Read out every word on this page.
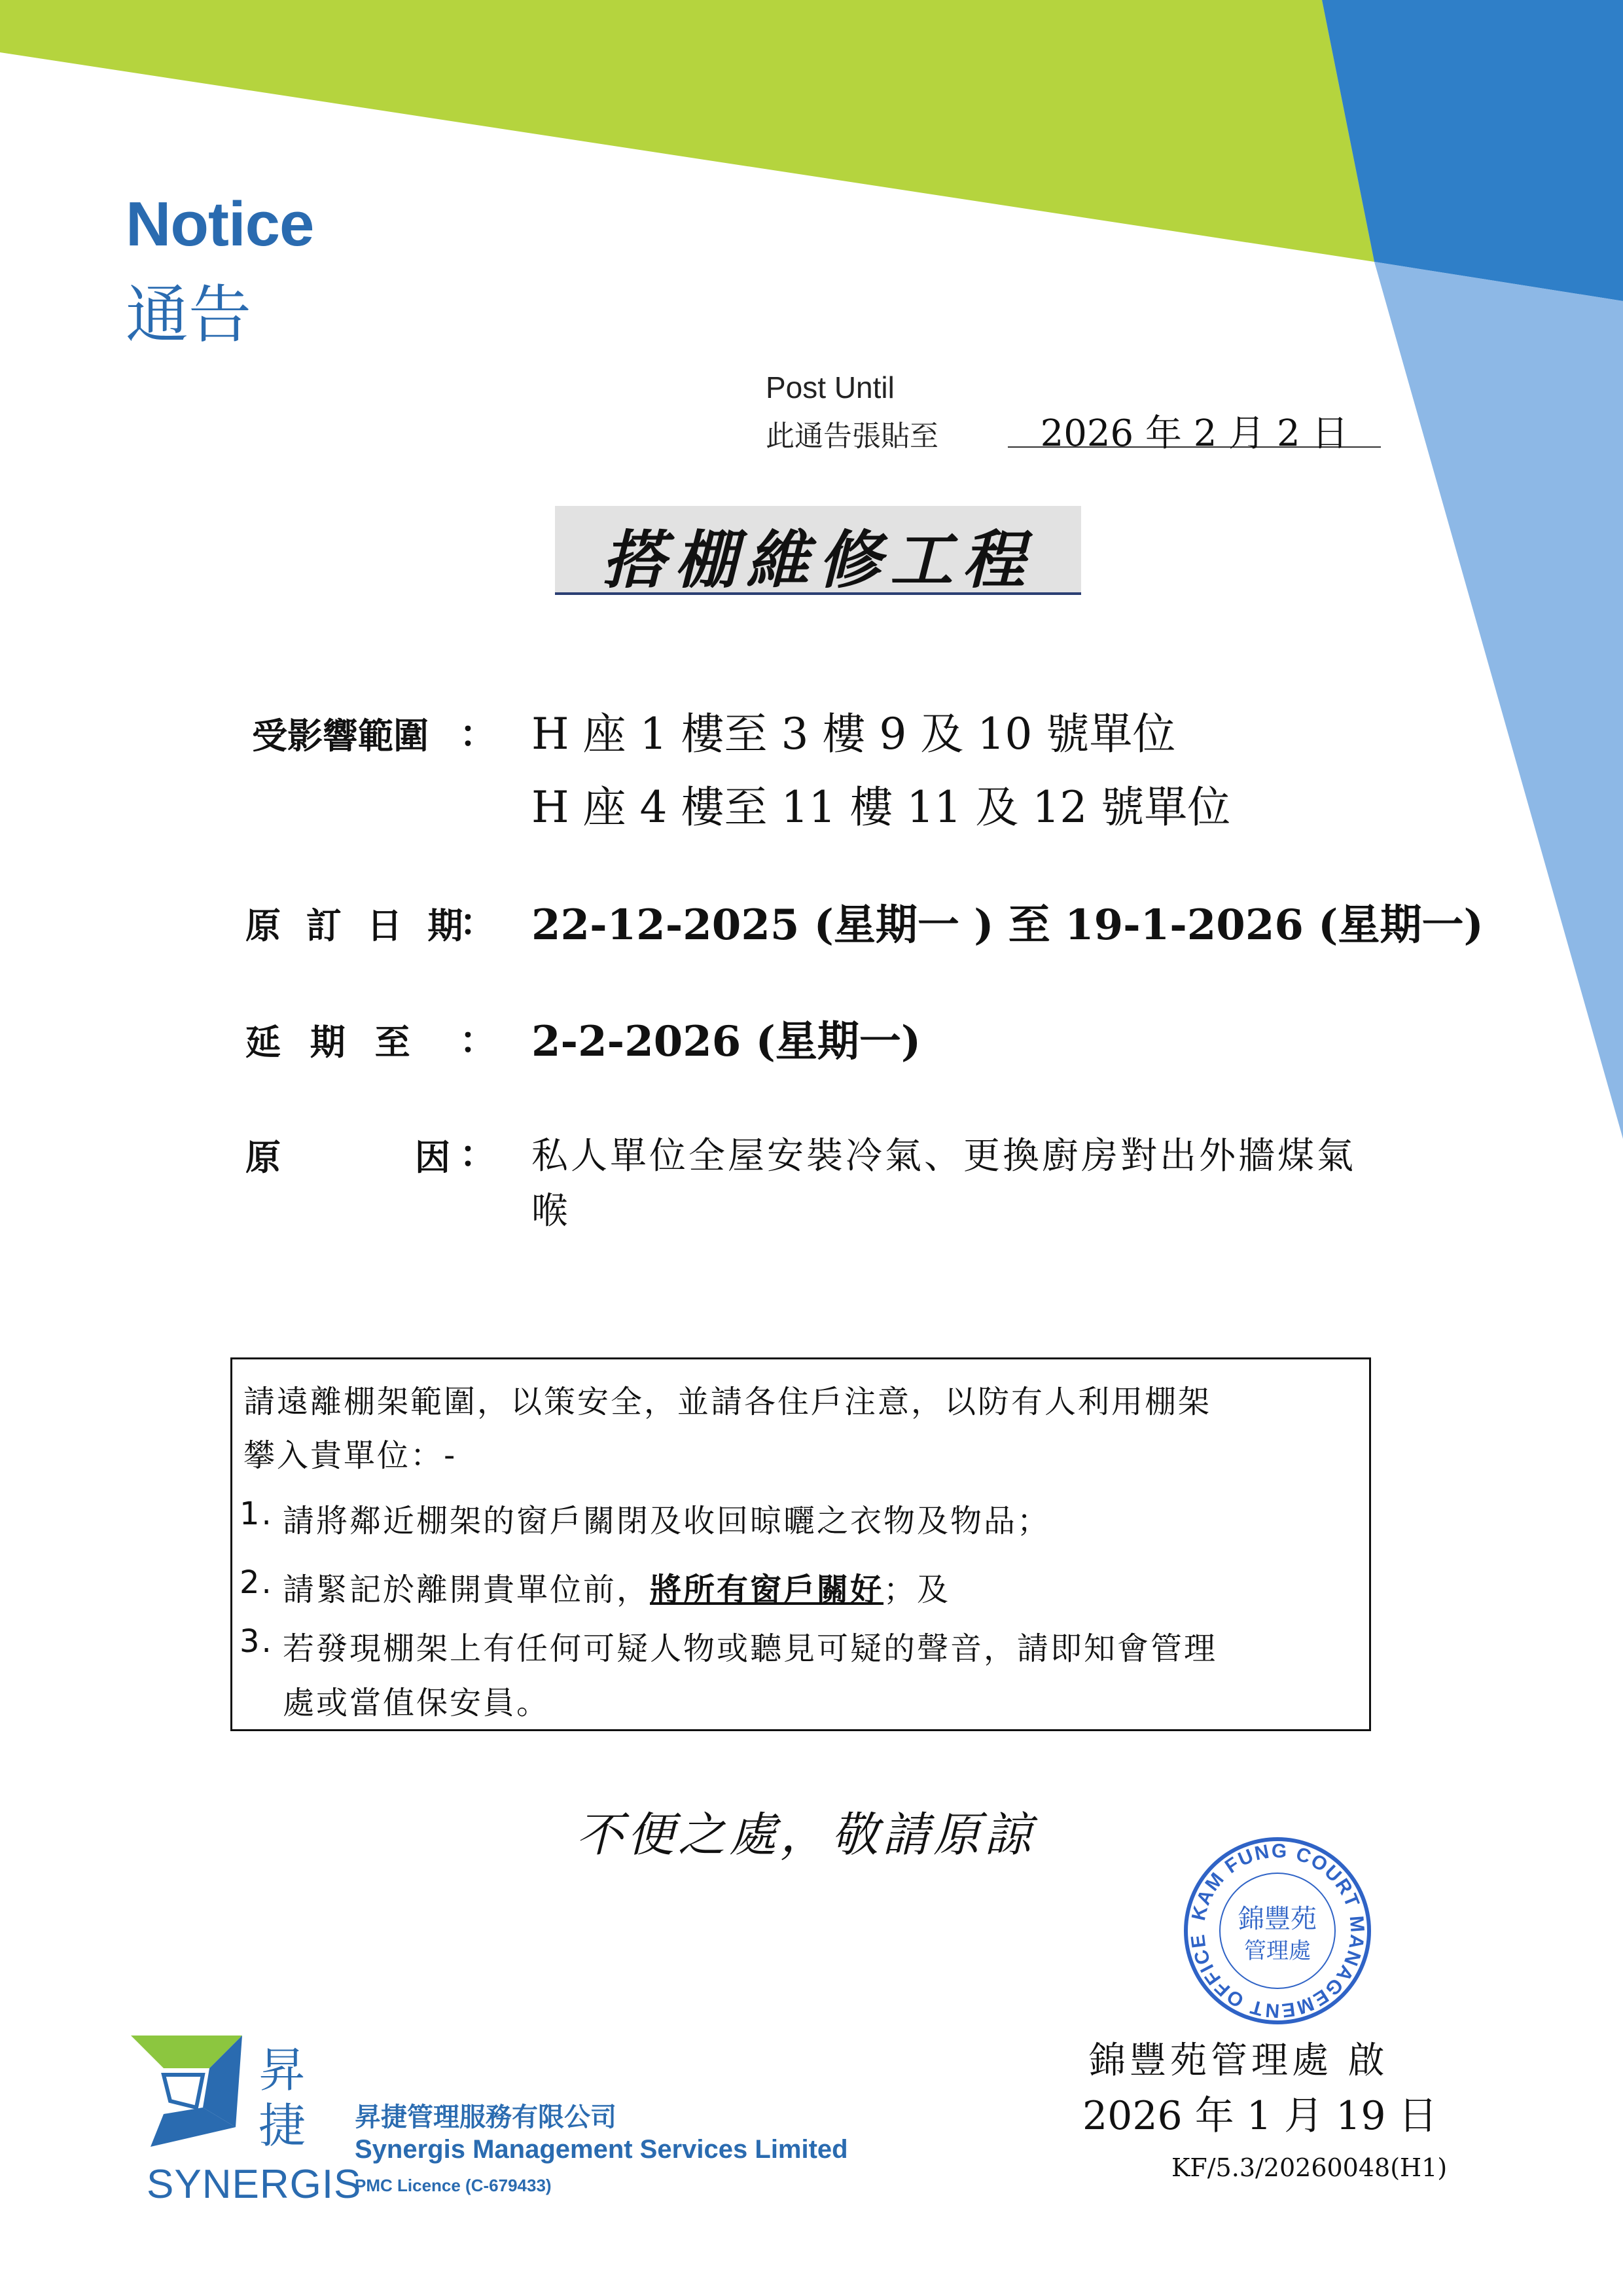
Notice
通告
Post Until
此通告張貼至	2026 年 2 月 2 日
搭棚維修工程
受影響範圍 ： H 座 1 樓至 3 樓 9 及 10 號單位
H 座 4 樓至 11 樓 11 及 12 號單位
原 訂 日 期
： 22-12-2025 (星期一 ) 至 19-1-2026 (星期一)
延 期 至 ： 2-2-2026 (星期一)
原	因 ： 私人單位全屋安裝冷氣、更換廚房對出外牆煤氣
喉
請遠離棚架範圍，以策安全，並請各住戶注意，以防有人利用棚架
攀入貴單位：-
1. 請將鄰近棚架的窗戶關閉及收回晾曬之衣物及物品；
2. 請緊記於離開貴單位前，將所有窗戶關好；及
3. 若發現棚架上有任何可疑人物或聽見可疑的聲音，請即知會管理
處或當值保安員。
不便之處，敬請原諒
KAM FUNG COURT MANAGEMENT OFFICE
錦豐苑
管理處
錦豐苑管理處 啟
2026 年 1 月 19 日
KF/5.3/20260048(H1)
昇
捷
SYNERGIS
昇捷管理服務有限公司
Synergis Management Services Limited
PMC Licence (C-679433)
